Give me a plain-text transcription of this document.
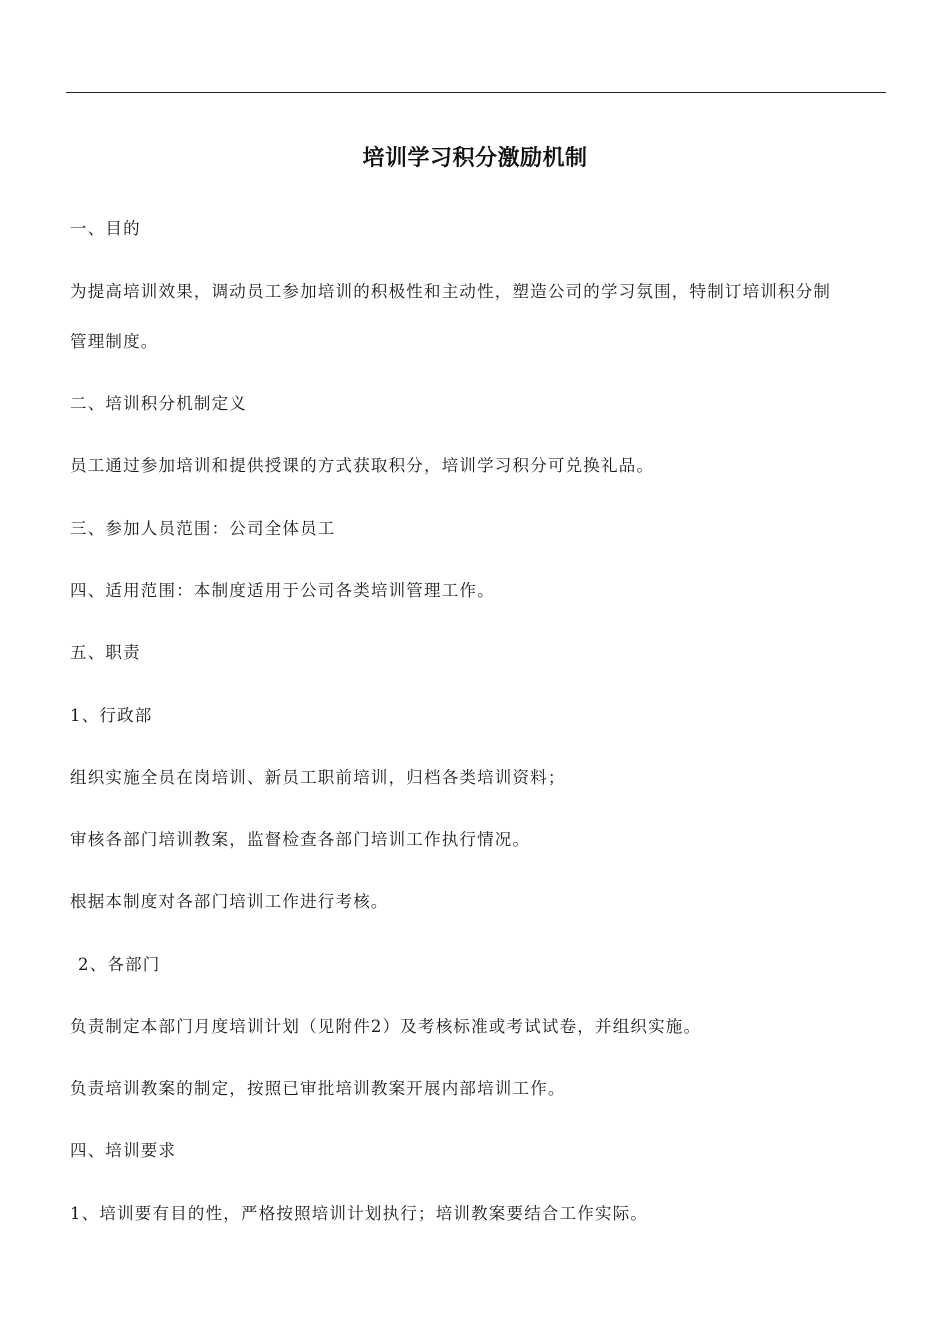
培训学习积分激励机制
一、目的
为提高培训效果，调动员工参加培训的积极性和主动性，塑造公司的学习氛围，特制订培训积分制
管理制度。
二、培训积分机制定义
员工通过参加培训和提供授课的方式获取积分，培训学习积分可兑换礼品。
三、参加人员范围：公司全体员工
四、适用范围：本制度适用于公司各类培训管理工作。
五、职责
1、行政部
组织实施全员在岗培训、新员工职前培训，归档各类培训资料；
审核各部门培训教案，监督检查各部门培训工作执行情况。
根据本制度对各部门培训工作进行考核。
2、各部门
负责制定本部门月度培训计划（见附件2）及考核标准或考试试卷，并组织实施。
负责培训教案的制定，按照已审批培训教案开展内部培训工作。
四、培训要求
1、培训要有目的性，严格按照培训计划执行；培训教案要结合工作实际。
